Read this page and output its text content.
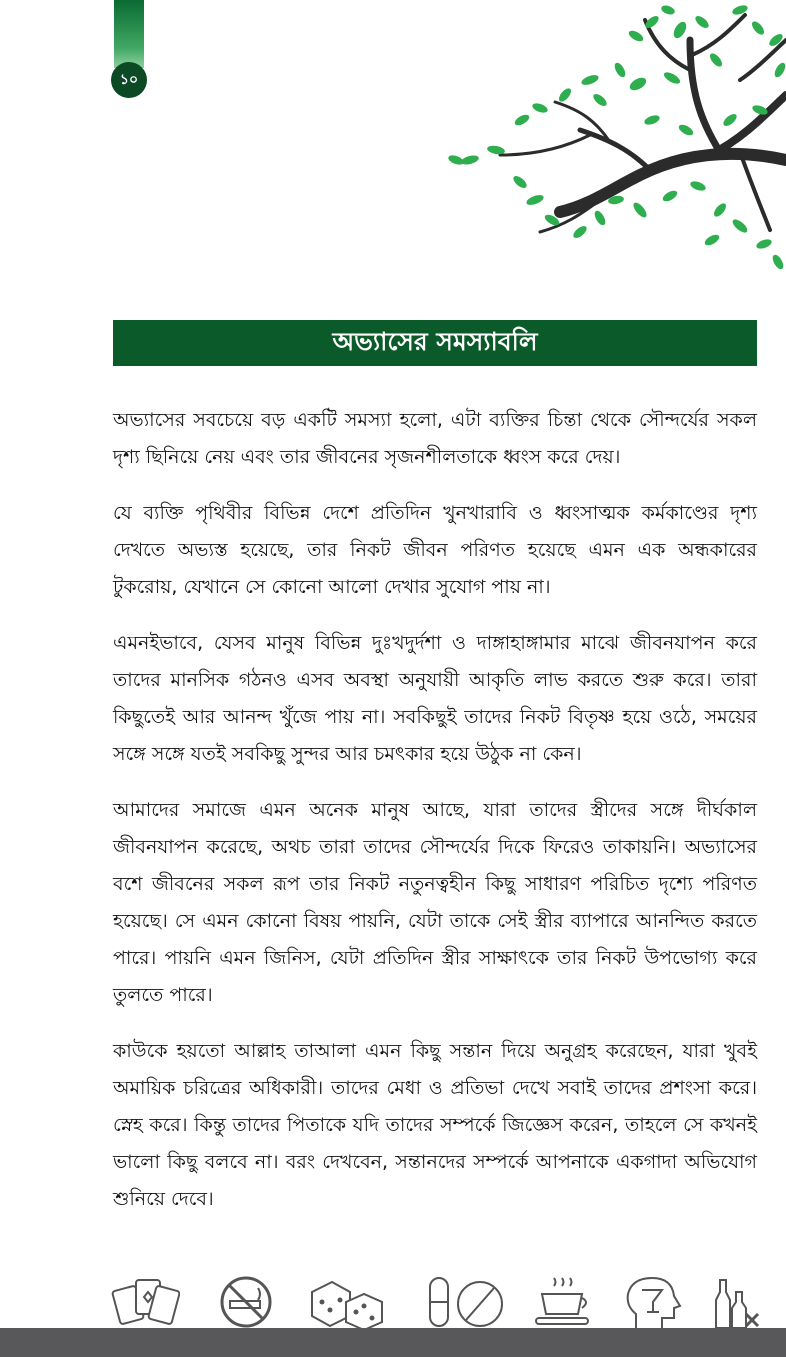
১০
অভ্যাসের সমস্যাবলি

অভ্যাসের সবচেয়ে বড় একটি সমস্যা হলো, এটা ব্যক্তির চিন্তা থেকে সৌন্দর্যের সকল দৃশ্য ছিনিয়ে নেয় এবং তার জীবনের সৃজনশীলতাকে ধ্বংস করে দেয়।

যে ব্যক্তি পৃথিবীর বিভিন্ন দেশে প্রতিদিন খুনখারাবি ও ধ্বংসাত্মক কর্মকাণ্ডের দৃশ্য দেখতে অভ্যস্ত হয়েছে, তার নিকট জীবন পরিণত হয়েছে এমন এক অন্ধকারের টুকরোয়, যেখানে সে কোনো আলো দেখার সুযোগ পায় না।

এমনইভাবে, যেসব মানুষ বিভিন্ন দুঃখদুর্দশা ও দাঙ্গাহাঙ্গামার মাঝে জীবনযাপন করে তাদের মানসিক গঠনও এসব অবস্থা অনুযায়ী আকৃতি লাভ করতে শুরু করে। তারা কিছুতেই আর আনন্দ খুঁজে পায় না। সবকিছুই তাদের নিকট বিতৃষ্ণ হয়ে ওঠে, সময়ের সঙ্গে সঙ্গে যতই সবকিছু সুন্দর আর চমৎকার হয়ে উঠুক না কেন।

আমাদের সমাজে এমন অনেক মানুষ আছে, যারা তাদের স্ত্রীদের সঙ্গে দীর্ঘকাল জীবনযাপন করেছে, অথচ তারা তাদের সৌন্দর্যের দিকে ফিরেও তাকায়নি। অভ্যাসের বশে জীবনের সকল রূপ তার নিকট নতুনত্বহীন কিছু সাধারণ পরিচিত দৃশ্যে পরিণত হয়েছে। সে এমন কোনো বিষয় পায়নি, যেটা তাকে সেই স্ত্রীর ব্যাপারে আনন্দিত করতে পারে। পায়নি এমন জিনিস, যেটা প্রতিদিন স্ত্রীর সাক্ষাৎকে তার নিকট উপভোগ্য করে তুলতে পারে।

কাউকে হয়তো আল্লাহ তাআলা এমন কিছু সন্তান দিয়ে অনুগ্রহ করেছেন, যারা খুবই অমায়িক চরিত্রের অধিকারী। তাদের মেধা ও প্রতিভা দেখে সবাই তাদের প্রশংসা করে। স্নেহ করে। কিন্তু তাদের পিতাকে যদি তাদের সম্পর্কে জিজ্ঞেস করেন, তাহলে সে কখনই ভালো কিছু বলবে না। বরং দেখবেন, সন্তানদের সম্পর্কে আপনাকে একগাদা অভিযোগ শুনিয়ে দেবে।
